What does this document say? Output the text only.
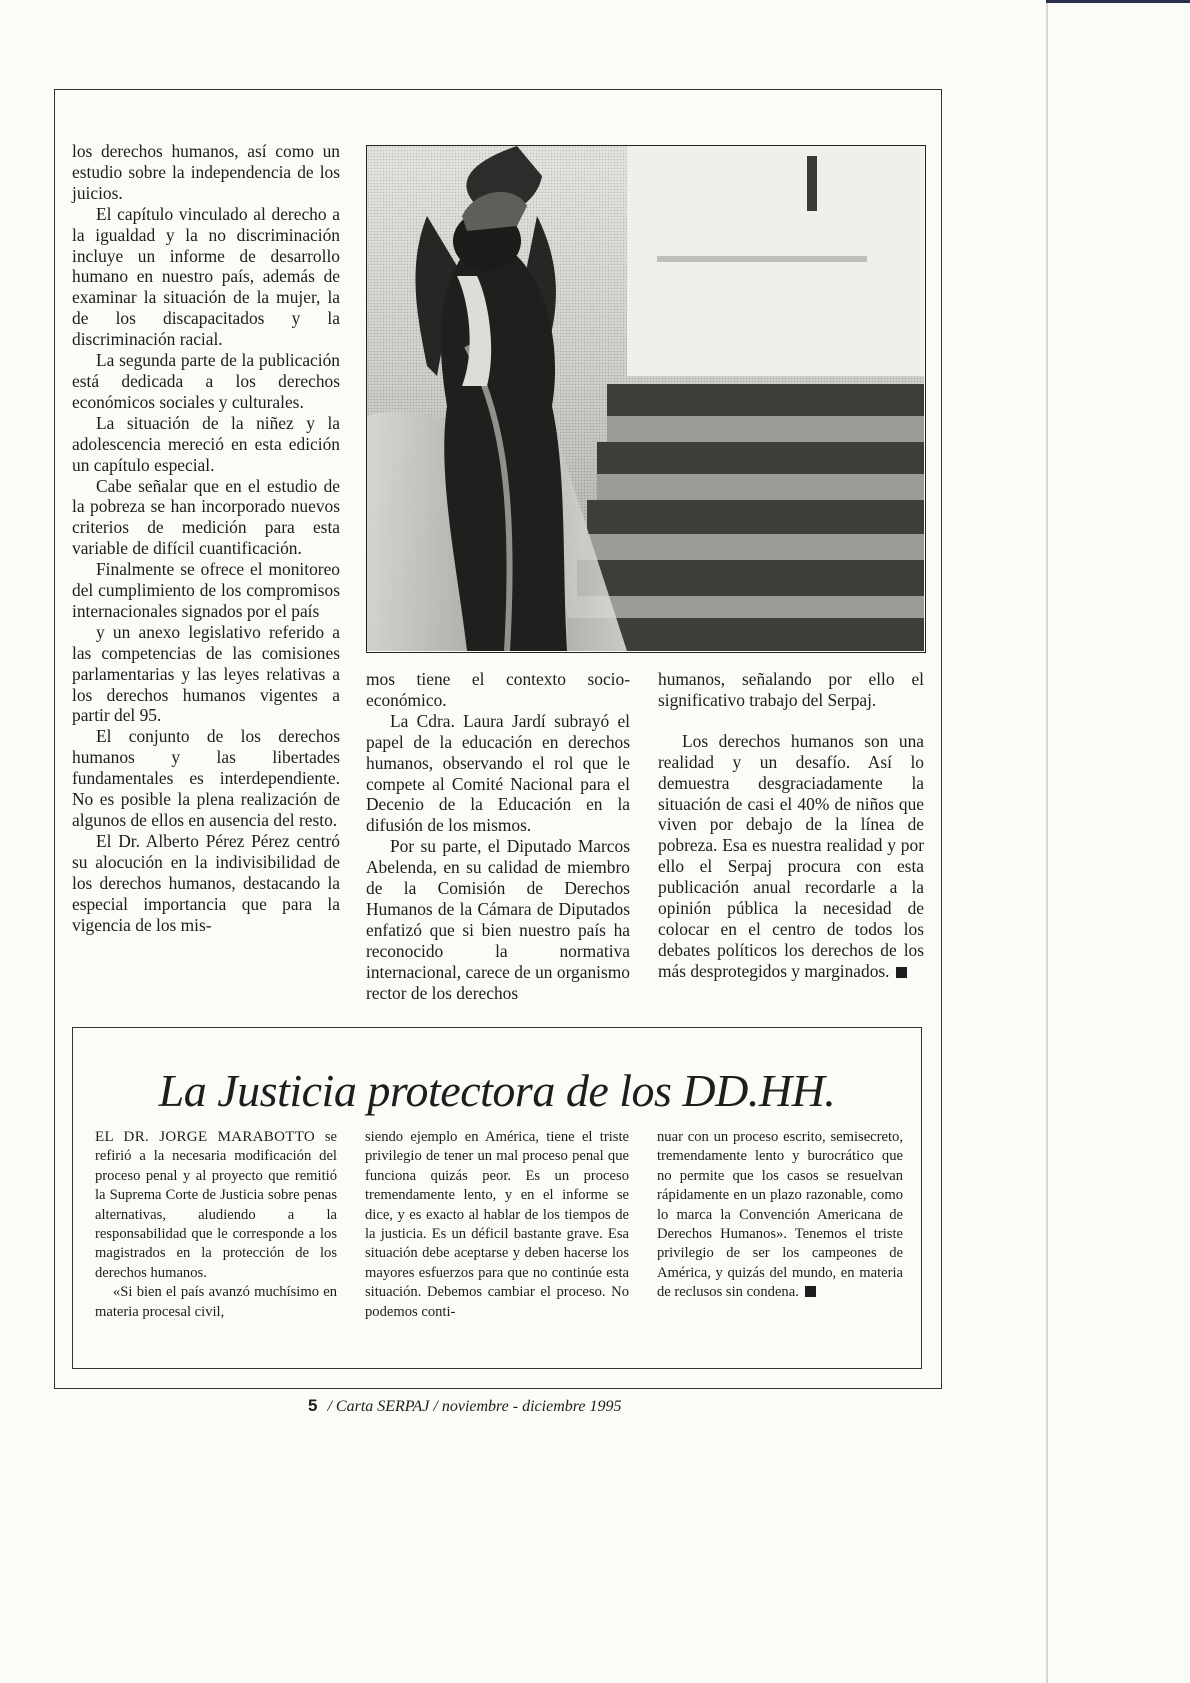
los derechos humanos, así como un estudio sobre la independencia de los juicios.

El capítulo vinculado al derecho a la igualdad y la no discriminación incluye un informe de desarrollo humano en nuestro país, además de examinar la situación de la mujer, la de los discapacitados y la discriminación racial.

La segunda parte de la publicación está dedicada a los derechos económicos sociales y culturales.

La situación de la niñez y la adolescencia mereció en esta edición un capítulo especial.

Cabe señalar que en el estudio de la pobreza se han incorporado nuevos criterios de medición para esta variable de difícil cuantificación.

Finalmente se ofrece el monitoreo del cumplimiento de los compromisos internacionales signados por el país

y un anexo legislativo referido a las competencias de las comisiones parlamentarias y las leyes relativas a los derechos humanos vigentes a partir del 95.

El conjunto de los derechos humanos y las libertades fundamentales es interdependiente. No es posible la plena realización de algunos de ellos en ausencia del resto.

El Dr. Alberto Pérez Pérez centró su alocución en la indivisibilidad de los derechos humanos, destacando la especial importancia que para la vigencia de los mis-

mos tiene el contexto socio-económico.

La Cdra. Laura Jardí subrayó el papel de la educación en derechos humanos, observando el rol que le compete al Comité Nacional para el Decenio de la Educación en la difusión de los mismos.

Por su parte, el Diputado Marcos Abelenda, en su calidad de miembro de la Comisión de Derechos Humanos de la Cámara de Diputados enfatizó que si bien nuestro país ha reconocido la normativa internacional, carece de un organismo rector de los derechos

humanos, señalando por ello el significativo trabajo del Serpaj.

Los derechos humanos son una realidad y un desafío. Así lo demuestra desgraciadamente la situación de casi el 40% de niños que viven por debajo de la línea de pobreza. Esa es nuestra realidad y por ello el Serpaj procura con esta publicación anual recordarle a la opinión pública la necesidad de colocar en el centro de todos los debates políticos los derechos de los más desprotegidos y marginados.

La Justicia protectora de los DD.HH.

EL DR. JORGE MARABOTTO se refirió a la necesaria modificación del proceso penal y al proyecto que remitió la Suprema Corte de Justicia sobre penas alternativas, aludiendo a la responsabilidad que le corresponde a los magistrados en la protección de los derechos humanos.

«Si bien el país avanzó muchísimo en materia procesal civil,

siendo ejemplo en América, tiene el triste privilegio de tener un mal proceso penal que funciona quizás peor. Es un proceso tremendamente lento, y en el informe se dice, y es exacto al hablar de los tiempos de la justicia. Es un déficil bastante grave. Esa situación debe aceptarse y deben hacerse los mayores esfuerzos para que no continúe esta situación. Debemos cambiar el proceso. No podemos conti-

nuar con un proceso escrito, semisecreto, tremendamente lento y burocrático que no permite que los casos se resuelvan rápidamente en un plazo razonable, como lo marca la Convención Americana de Derechos Humanos». Tenemos el triste privilegio de ser los campeones de América, y quizás del mundo, en materia de reclusos sin condena.

5 / Carta SERPAJ / noviembre - diciembre 1995
